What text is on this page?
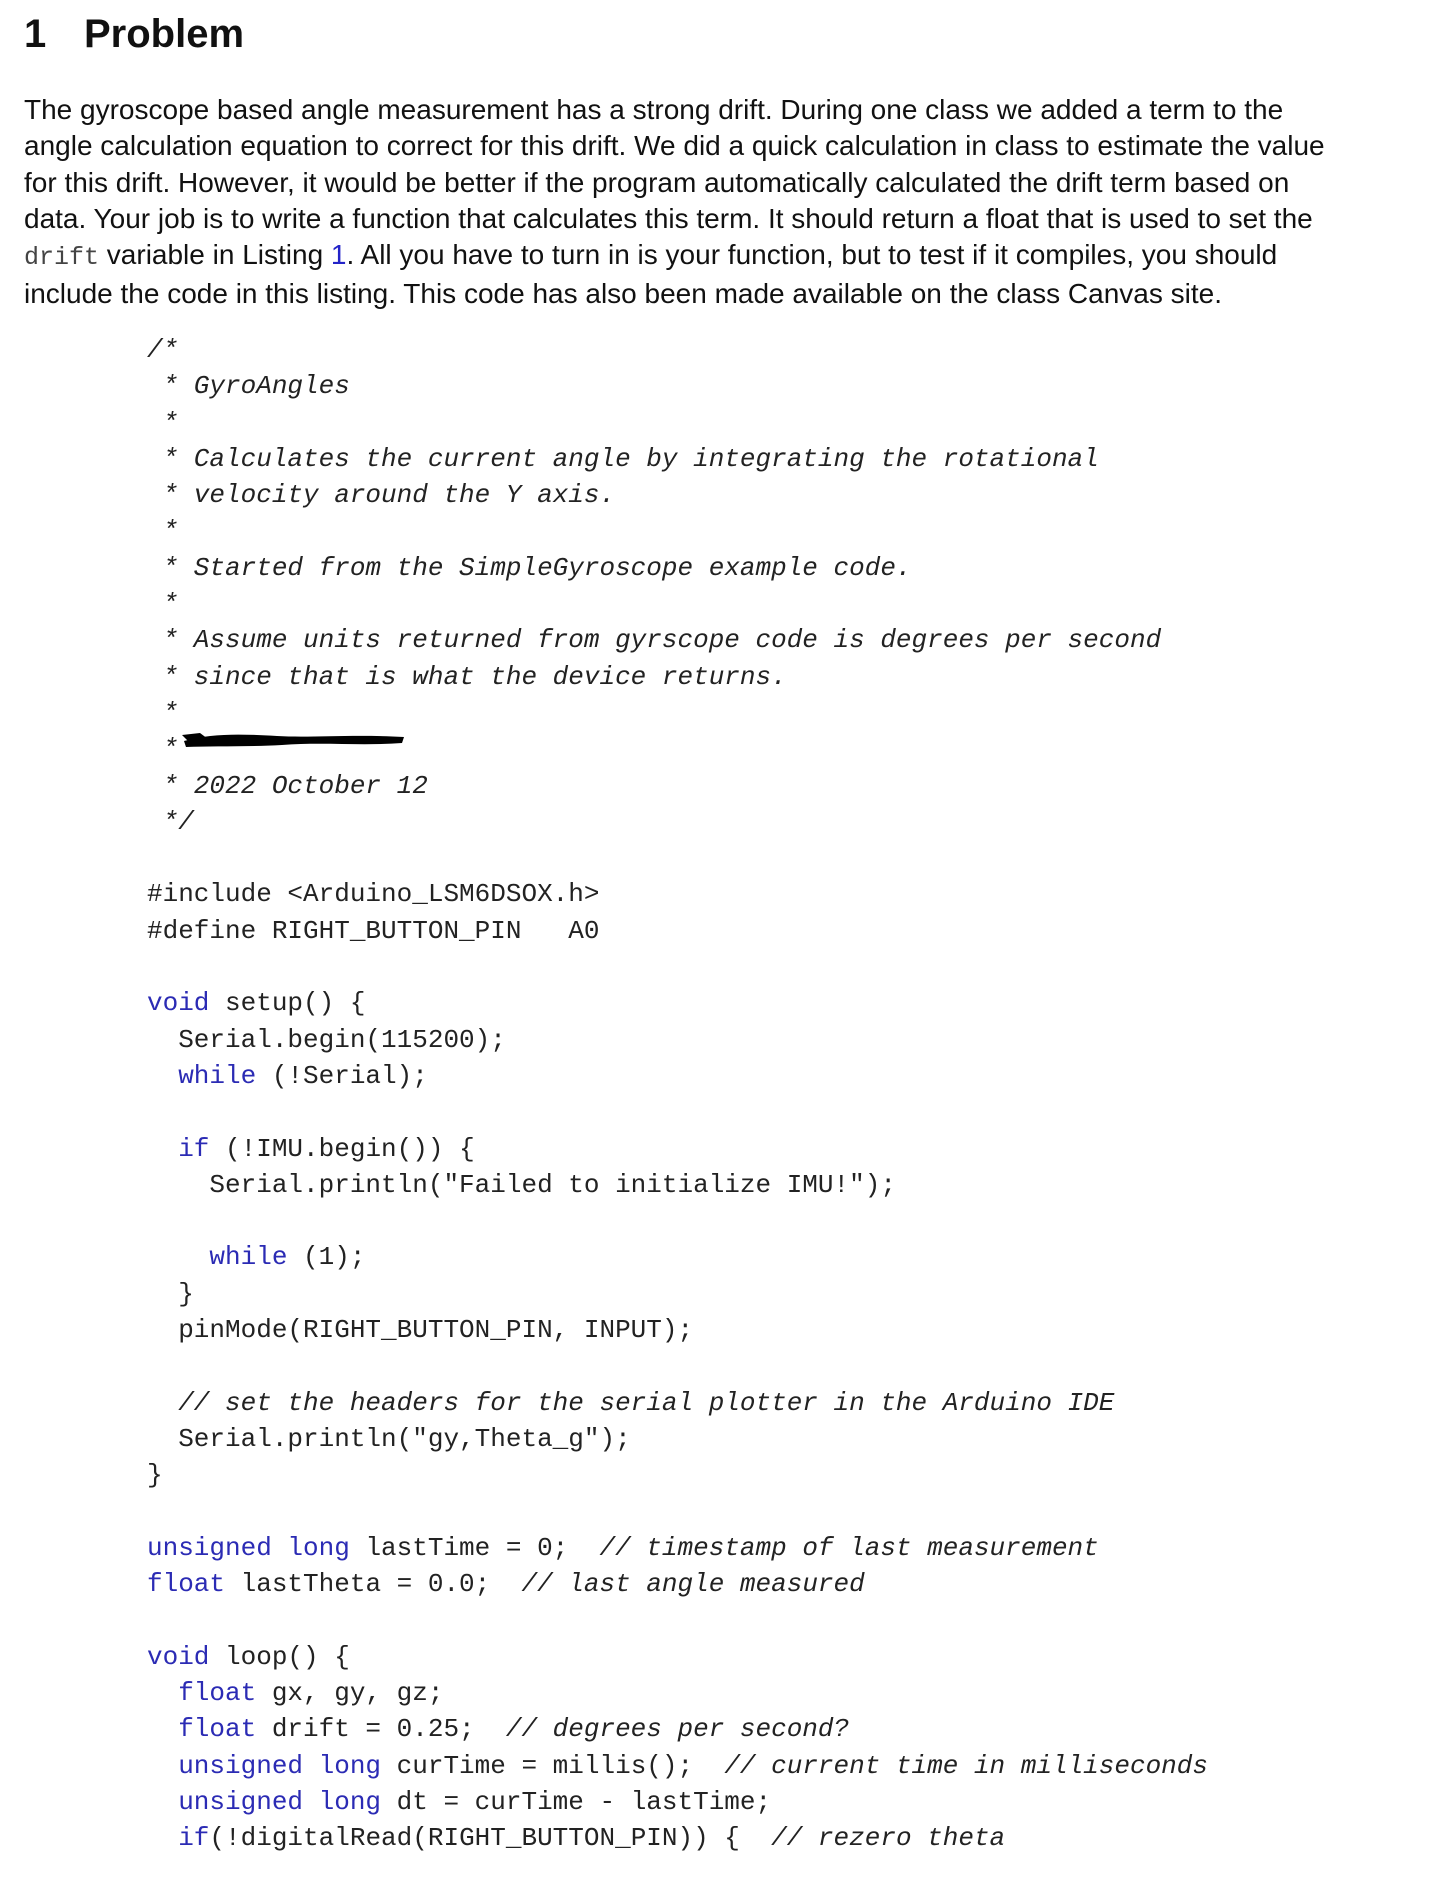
1 Problem
The gyroscope based angle measurement has a strong drift. During one class we added a term to the
angle calculation equation to correct for this drift. We did a quick calculation in class to estimate the value
for this drift. However, it would be better if the program automatically calculated the drift term based on
data. Your job is to write a function that calculates this term. It should return a float that is used to set the
drift variable in Listing 1. All you have to turn in is your function, but to test if it compiles, you should
include the code in this listing. This code has also been made available on the class Canvas site.
/*
* GyroAngles
*
* Calculates the current angle by integrating the rotational
* velocity around the Y axis.
*
* Started from the SimpleGyroscope example code.
*
* Assume units returned from gyrscope code is degrees per second
* since that is what the device returns.
*
*
* 2022 October 12
*/
#include <Arduino_LSM6DSOX.h>
#define RIGHT_BUTTON_PIN   A0
void setup() {
Serial.begin(115200);
while (!Serial);
if (!IMU.begin()) {
Serial.println("Failed to initialize IMU!");
while (1);
}
pinMode(RIGHT_BUTTON_PIN, INPUT);
// set the headers for the serial plotter in the Arduino IDE
Serial.println("gy,Theta_g");
}
unsigned long lastTime = 0;  // timestamp of last measurement
float lastTheta = 0.0;  // last angle measured
void loop() {
float gx, gy, gz;
float drift = 0.25;  // degrees per second?
unsigned long curTime = millis();  // current time in milliseconds
unsigned long dt = curTime - lastTime;
if(!digitalRead(RIGHT_BUTTON_PIN)) {  // rezero theta
